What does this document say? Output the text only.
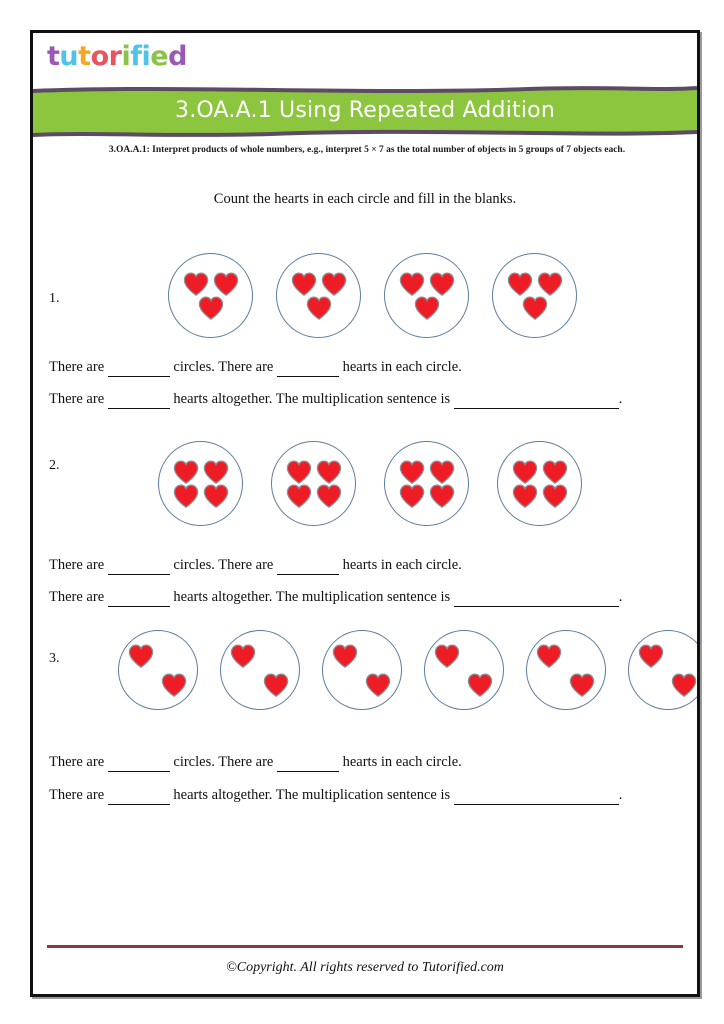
tutorified
3.OA.A.1 Using Repeated Addition
3.OA.A.1: Interpret products of whole numbers, e.g., interpret 5 × 7 as the total number of objects in 5 groups of 7 objects each.
Count the hearts in each circle and fill in the blanks.
1.
There are	circles. There are	hearts in each circle.
There are	hearts altogether. The multiplication sentence is	.
2.
There are	circles. There are	hearts in each circle.
There are	hearts altogether. The multiplication sentence is	.
3.
There are	circles. There are	hearts in each circle.
There are	hearts altogether. The multiplication sentence is	.
©Copyright. All rights reserved to Tutorified.com
